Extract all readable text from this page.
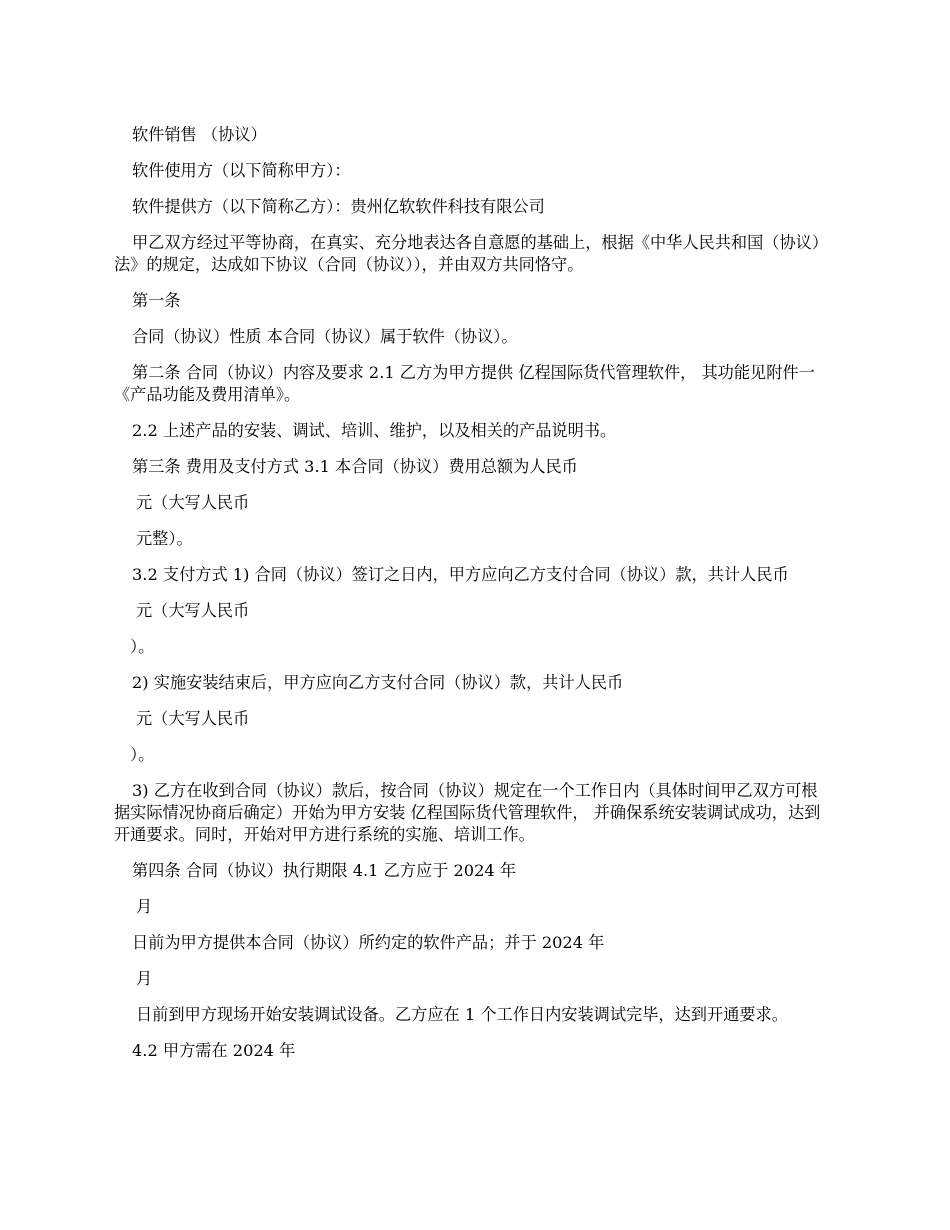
软件销售 （协议）

软件使用方（以下简称甲方）：

软件提供方（以下简称乙方）：贵州亿软软件科技有限公司

甲乙双方经过平等协商，在真实、充分地表达各自意愿的基础上，根据《中华人民共和国（协议）法》的规定，达成如下协议（合同（协议）），并由双方共同恪守。

第一条

合同（协议）性质 本合同（协议）属于软件（协议）。

第二条 合同（协议）内容及要求 2.1 乙方为甲方提供 亿程国际货代管理软件， 其功能见附件一《产品功能及费用清单》。

2.2 上述产品的安装、调试、培训、维护，以及相关的产品说明书。

第三条 费用及支付方式 3.1 本合同（协议）费用总额为人民币

元（大写人民币

元整）。

3.2 支付方式 1) 合同（协议）签订之日内，甲方应向乙方支付合同（协议）款，共计人民币

元（大写人民币

）。

2) 实施安装结束后，甲方应向乙方支付合同（协议）款，共计人民币

元（大写人民币

）。

3) 乙方在收到合同（协议）款后，按合同（协议）规定在一个工作日内（具体时间甲乙双方可根据实际情况协商后确定）开始为甲方安装 亿程国际货代管理软件， 并确保系统安装调试成功，达到开通要求。同时，开始对甲方进行系统的实施、培训工作。

第四条 合同（协议）执行期限 4.1 乙方应于 2024 年

月

日前为甲方提供本合同（协议）所约定的软件产品；并于 2024 年

月

日前到甲方现场开始安装调试设备。乙方应在 1 个工作日内安装调试完毕，达到开通要求。

4.2 甲方需在 2024 年
